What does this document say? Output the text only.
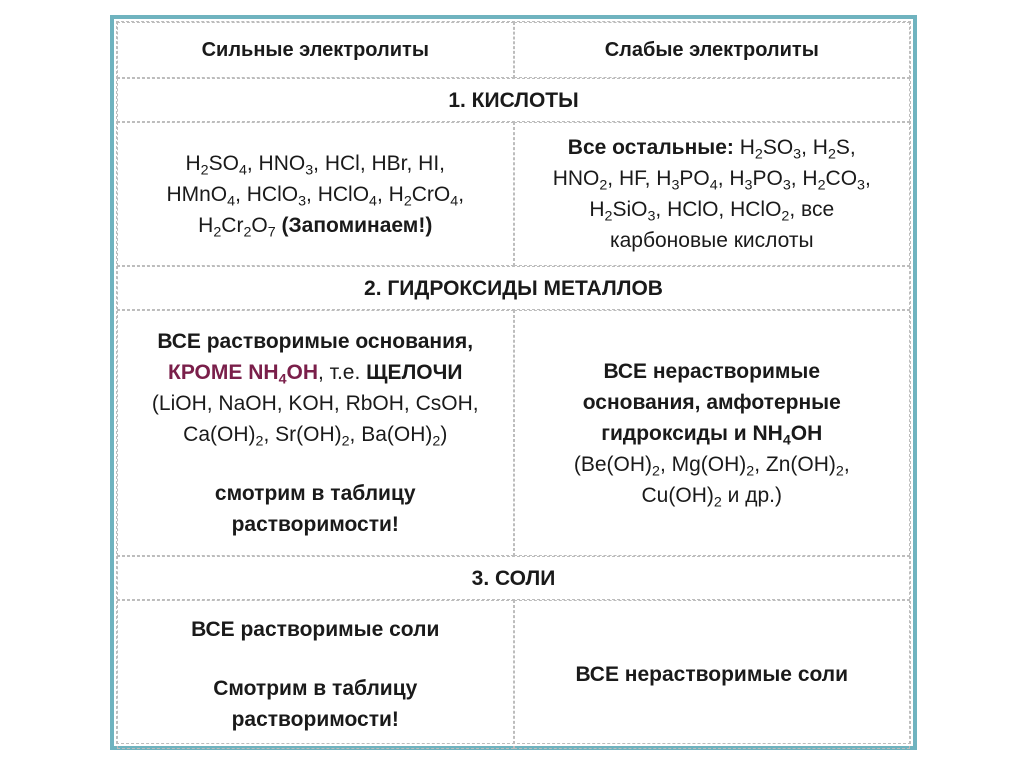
Сильные электролиты	Слабые электролиты
1. КИСЛОТЫ
$H_2SO_4$, $HNO_3$, HCl, HBr, HI,
HMnO$_4$, HClO$_3$, HClO$_4$, $H_2CrO_4$,
$H_2Cr_2O_7$ (Запоминаем!)
Все остальные: $H_2SO_3$, $H_2S$,
$HNO_2$, HF, $H_3PO_4$, $H_3PO_3$, $H_2CO_3$,
$H_2SiO_3$, HClO, HClO$_2$, все
карбоновые кислоты
2. ГИДРОКСИДЫ МЕТАЛЛОВ
ВСЕ растворимые основания,
КРОМЕ $NH_4OH$, т.е. ЩЕЛОЧИ
(LiOH, NaOH, KOH, RbOH, CsOH,
$Ca(OH)_2$, $Sr(OH)_2$, $Ba(OH)_2$)
смотрим в таблицу
растворимости!
ВСЕ нерастворимые
основания, амфотерные
гидроксиды и $NH_4OH$
($Be(OH)_2$, $Mg(OH)_2$, $Zn(OH)_2$,
$Cu(OH)_2$ и др.)
3. СОЛИ
ВСЕ растворимые соли
Смотрим в таблицу
растворимости!
ВСЕ нерастворимые соли
